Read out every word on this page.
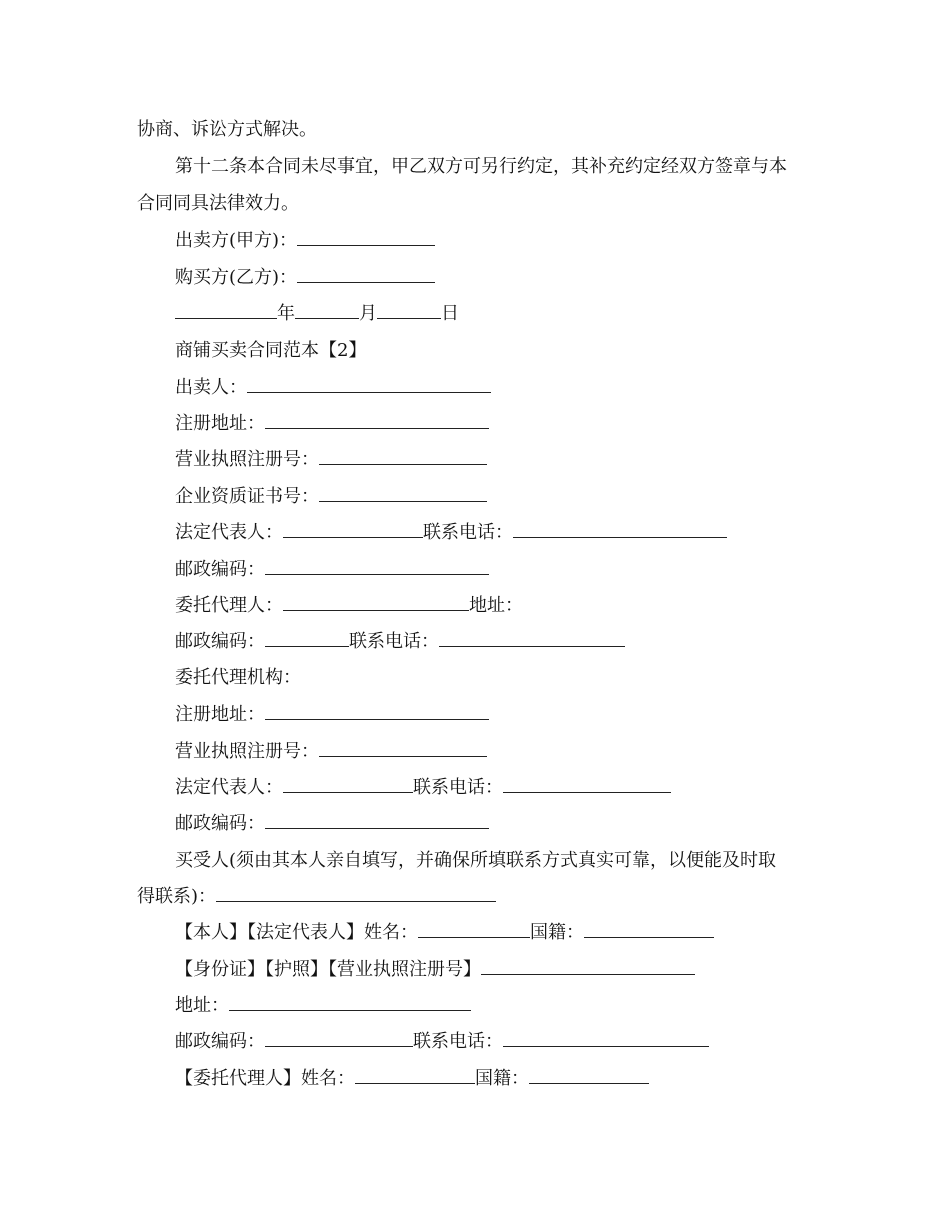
协商、诉讼方式解决。
第十二条本合同未尽事宜，甲乙双方可另行约定，其补充约定经双方签章与本
合同同具法律效力。
出卖方(甲方)：
购买方(乙方)：
年	月	日
商铺买卖合同范本【2】
出卖人：
注册地址：
营业执照注册号：
企业资质证书号：
法定代表人：	联系电话：
邮政编码：
委托代理人：	地址：
邮政编码：	联系电话：
委托代理机构：
注册地址：
营业执照注册号：
法定代表人：	联系电话：
邮政编码：
买受人(须由其本人亲自填写，并确保所填联系方式真实可靠，以便能及时取
得联系)：
【本人】【法定代表人】姓名：	国籍：
【身份证】【护照】【营业执照注册号】
地址：
邮政编码：	联系电话：
【委托代理人】姓名：	国籍：
